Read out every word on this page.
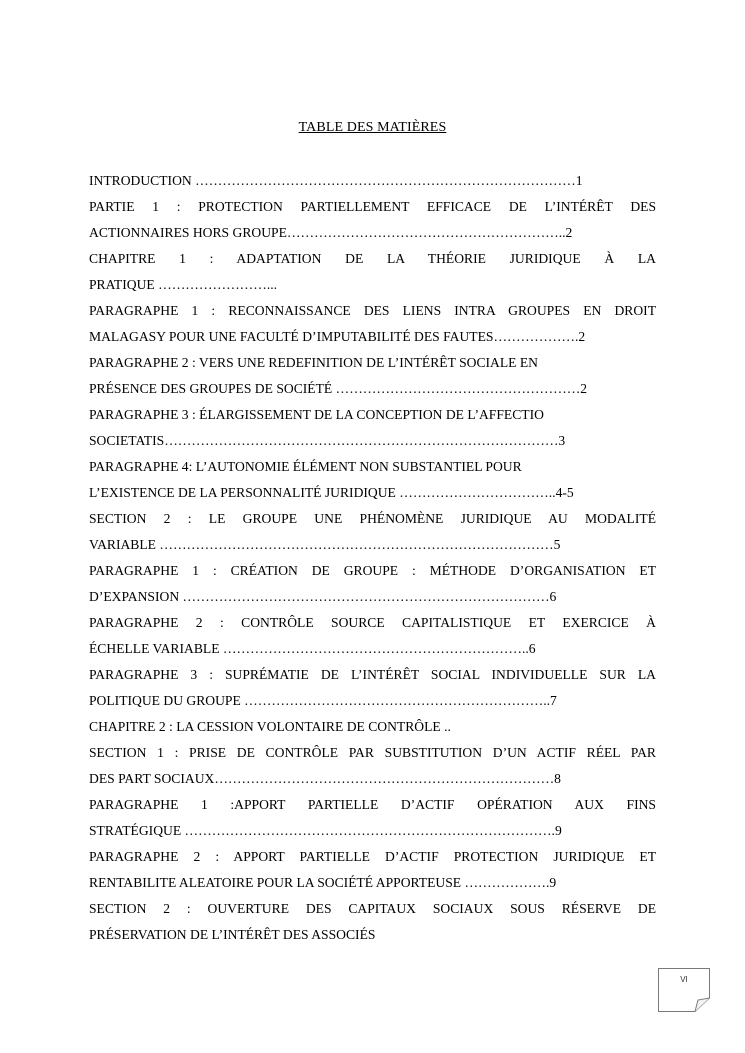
TABLE DES MATIÈRES
INTRODUCTION …………………………………………………………………………1
PARTIE 1 : PROTECTION PARTIELLEMENT EFFICACE DE L’INTÉRÊT DES
ACTIONNAIRES HORS GROUPE……………………………………………………..2
CHAPITRE 1 : ADAPTATION DE LA THÉORIE JURIDIQUE À LA
PRATIQUE ……………………...
PARAGRAPHE 1 : RECONNAISSANCE DES LIENS INTRA GROUPES EN DROIT
MALAGASY POUR UNE FACULTÉ D’IMPUTABILITÉ DES FAUTES……………….2
PARAGRAPHE 2 : VERS UNE REDEFINITION DE L’INTÉRÊT SOCIALE EN
PRÉSENCE DES GROUPES DE SOCIÉTÉ ………………………………………………2
PARAGRAPHE 3 : ÉLARGISSEMENT DE LA CONCEPTION DE L’AFFECTIO
SOCIETATIS……………………………………………………………………………3
PARAGRAPHE 4: L’AUTONOMIE ÉLÉMENT NON SUBSTANTIEL POUR
L’EXISTENCE DE LA PERSONNALITÉ JURIDIQUE ……………………………..4-5
SECTION 2 : LE GROUPE UNE PHÉNOMÈNE JURIDIQUE AU MODALITÉ
VARIABLE ……………………………………………………………………………5
PARAGRAPHE 1 : CRÉATION DE GROUPE : MÉTHODE D’ORGANISATION ET
D’EXPANSION ………………………………………………………………………6
PARAGRAPHE 2 : CONTRÔLE SOURCE CAPITALISTIQUE ET EXERCICE À
ÉCHELLE VARIABLE …………………………………………………………..6
PARAGRAPHE 3 : SUPRÉMATIE DE L’INTÉRÊT SOCIAL INDIVIDUELLE SUR LA
POLITIQUE DU GROUPE …………………………………………………………..7
CHAPITRE 2 : LA CESSION VOLONTAIRE DE CONTRÔLE ..
SECTION 1 : PRISE DE CONTRÔLE PAR SUBSTITUTION D’UN ACTIF RÉEL PAR
DES PART SOCIAUX…………………………………………………………………8
PARAGRAPHE 1 :APPORT PARTIELLE D’ACTIF OPÉRATION AUX FINS
STRATÉGIQUE ……………………………………………………………………….9
PARAGRAPHE 2 : APPORT PARTIELLE D’ACTIF PROTECTION JURIDIQUE ET
RENTABILITE ALEATOIRE POUR LA SOCIÉTÉ APPORTEUSE ……………….9
SECTION 2 : OUVERTURE DES CAPITAUX SOCIAUX SOUS RÉSERVE DE
PRÉSERVATION DE L’INTÉRÊT DES ASSOCIÉS
VI
